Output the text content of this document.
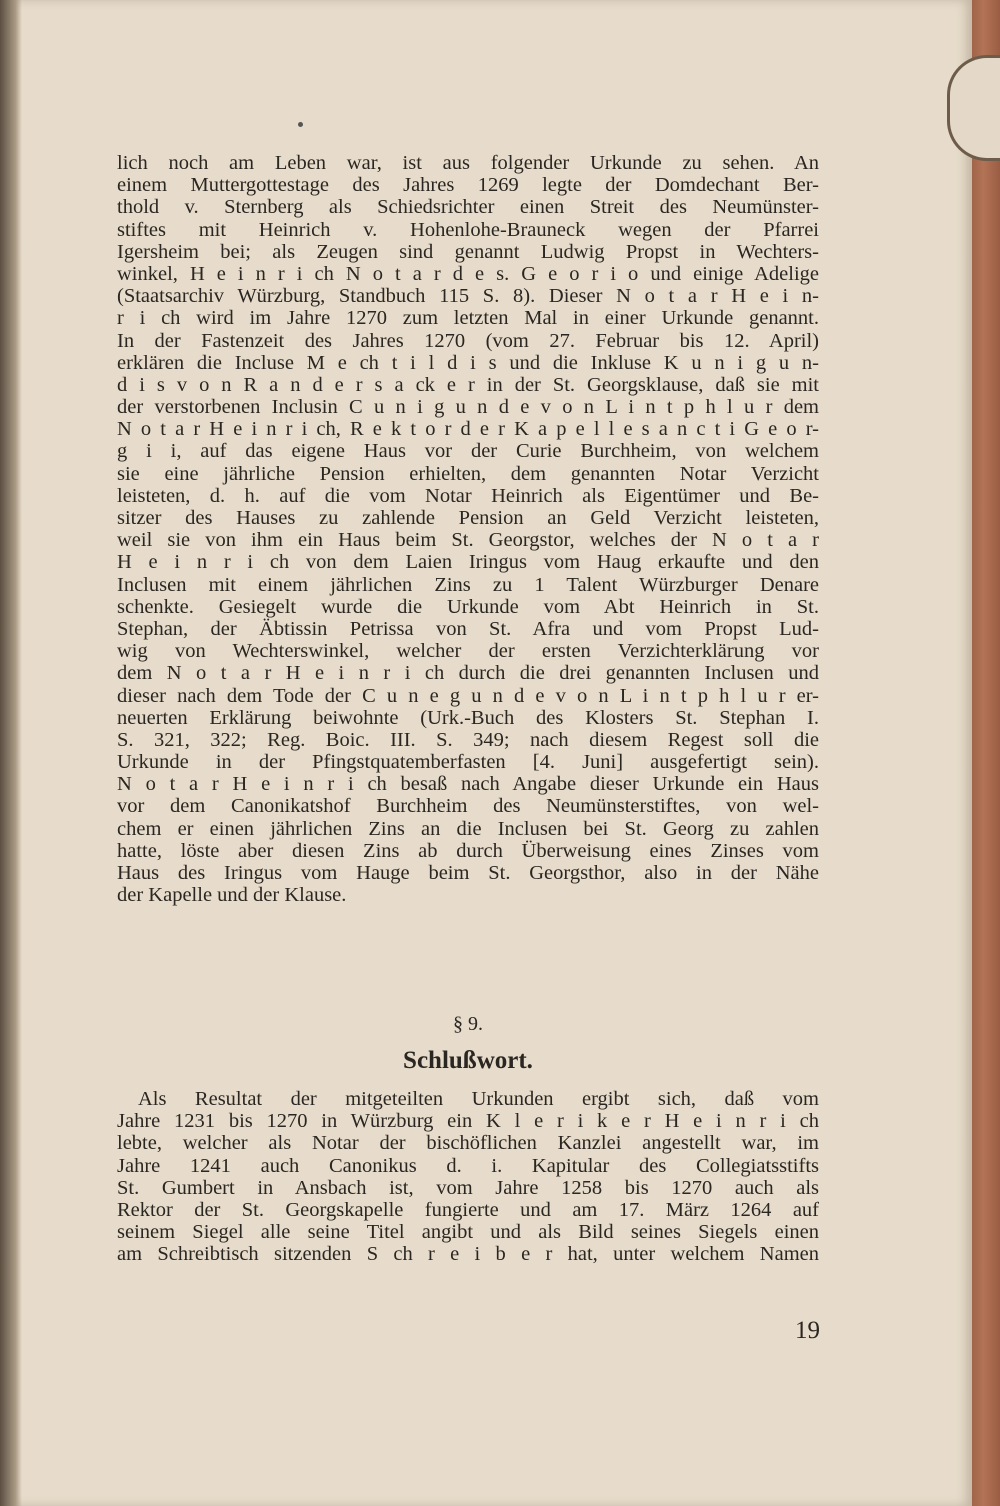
lich noch am Leben war, ist aus folgender Urkunde zu sehen. An
einem Muttergottestage des Jahres 1269 legte der Domdechant Ber-
thold v. Sternberg als Schiedsrichter einen Streit des Neumünster-
stiftes mit Heinrich v. Hohenlohe-Brauneck wegen der Pfarrei
Igersheim bei; als Zeugen sind genannt Ludwig Propst in Wechters-
winkel, H e i n r i ch N o t a r d e s. G e o r i o und einige Adelige
(Staatsarchiv Würzburg, Standbuch 115 S. 8). Dieser N o t a r H e i n-
r i ch wird im Jahre 1270 zum letzten Mal in einer Urkunde genannt.
In der Fastenzeit des Jahres 1270 (vom 27. Februar bis 12. April)
erklären die Incluse M e ch t i l d i s und die Inkluse K u n i g u n-
d i s v o n R a n d e r s a ck e r in der St. Georgsklause, daß sie mit
der verstorbenen Inclusin C u n i g u n d e v o n L i n t p h l u r dem
N o t a r H e i n r i ch, R e k t o r d e r K a p e l l e s a n c t i G e o r-
g i i, auf das eigene Haus vor der Curie Burchheim, von welchem
sie eine jährliche Pension erhielten, dem genannten Notar Verzicht
leisteten, d. h. auf die vom Notar Heinrich als Eigentümer und Be-
sitzer des Hauses zu zahlende Pension an Geld Verzicht leisteten,
weil sie von ihm ein Haus beim St. Georgstor, welches der N o t a r
H e i n r i ch von dem Laien Iringus vom Haug erkaufte und den
Inclusen mit einem jährlichen Zins zu 1 Talent Würzburger Denare
schenkte. Gesiegelt wurde die Urkunde vom Abt Heinrich in St.
Stephan, der Äbtissin Petrissa von St. Afra und vom Propst Lud-
wig von Wechterswinkel, welcher der ersten Verzichterklärung vor
dem N o t a r H e i n r i ch durch die drei genannten Inclusen und
dieser nach dem Tode der C u n e g u n d e v o n L i n t p h l u r er-
neuerten Erklärung beiwohnte (Urk.-Buch des Klosters St. Stephan I.
S. 321, 322; Reg. Boic. III. S. 349; nach diesem Regest soll die
Urkunde in der Pfingstquatemberfasten [4. Juni] ausgefertigt sein).
N o t a r H e i n r i ch besaß nach Angabe dieser Urkunde ein Haus
vor dem Canonikatshof Burchheim des Neumünsterstiftes, von wel-
chem er einen jährlichen Zins an die Inclusen bei St. Georg zu zahlen
hatte, löste aber diesen Zins ab durch Überweisung eines Zinses vom
Haus des Iringus vom Hauge beim St. Georgsthor, also in der Nähe
der Kapelle und der Klause.
§ 9.
Schlußwort.
Als Resultat der mitgeteilten Urkunden ergibt sich, daß vom
Jahre 1231 bis 1270 in Würzburg ein K l e r i k e r H e i n r i ch
lebte, welcher als Notar der bischöflichen Kanzlei angestellt war, im
Jahre 1241 auch Canonikus d. i. Kapitular des Collegiatsstifts
St. Gumbert in Ansbach ist, vom Jahre 1258 bis 1270 auch als
Rektor der St. Georgskapelle fungierte und am 17. März 1264 auf
seinem Siegel alle seine Titel angibt und als Bild seines Siegels einen
am Schreibtisch sitzenden S ch r e i b e r hat, unter welchem Namen
19
